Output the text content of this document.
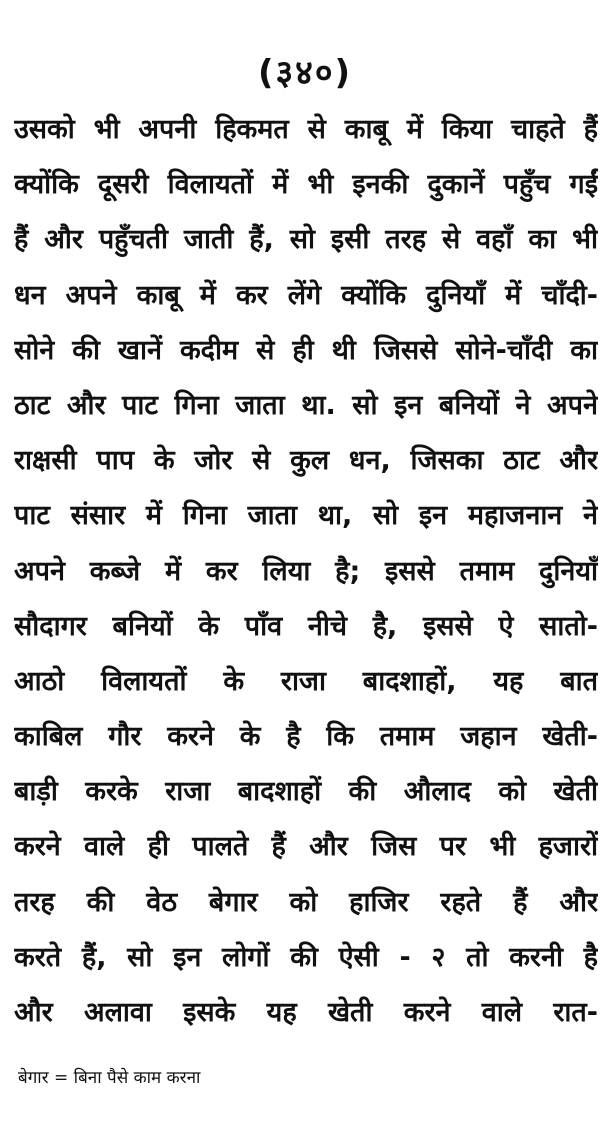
(३४०)
उसको भी अपनी हिकमत से काबू में किया चाहते हैं
क्योंकि दूसरी विलायतों में भी इनकी दुकानें पहुँच गईं
हैं और पहुँचती जाती हैं, सो इसी तरह से वहाँ का भी
धन अपने काबू में कर लेंगे क्योंकि दुनियाँ में चाँदी-
सोने की खानें कदीम से ही थी जिससे सोने-चाँदी का
ठाट और पाट गिना जाता था. सो इन बनियों ने अपने
राक्षसी पाप के जोर से कुल धन, जिसका ठाट और
पाट संसार में गिना जाता था, सो इन महाजनान ने
अपने कब्जे में कर लिया है; इससे तमाम दुनियाँ
सौदागर बनियों के पाँव नीचे है, इससे ऐ सातो-
आठो विलायतों के राजा बादशाहों, यह बात
काबिल गौर करने के है कि तमाम जहान खेती-
बाड़ी करके राजा बादशाहों की औलाद को खेती
करने वाले ही पालते हैं और जिस पर भी हजारों
तरह की वेठ बेगार को हाजिर रहते हैं और
करते हैं, सो इन लोगों की ऐसी - २ तो करनी है
और अलावा इसके यह खेती करने वाले रात-
बेगार = बिना पैसे काम करना
